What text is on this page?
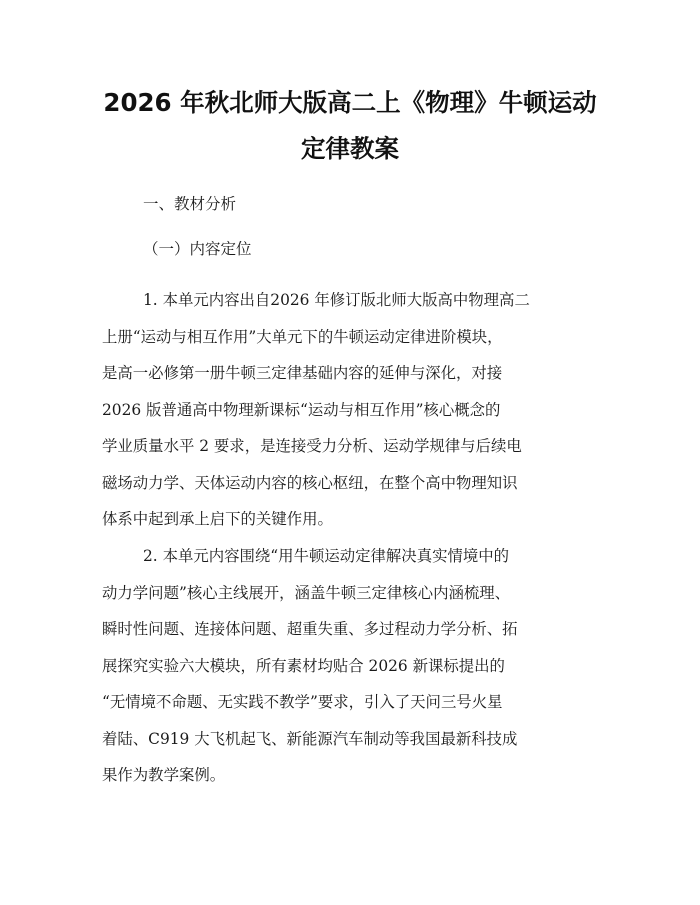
2026 年秋北师大版高二上《物理》牛顿运动
定律教案
一、教材分析
（一）内容定位
1. 本单元内容出自2026 年修订版北师大版高中物理高二
上册“运动与相互作用”大单元下的牛顿运动定律进阶模块，
是高一必修第一册牛顿三定律基础内容的延伸与深化，对接
2026 版普通高中物理新课标“运动与相互作用”核心概念的
学业质量水平 2 要求，是连接受力分析、运动学规律与后续电
磁场动力学、天体运动内容的核心枢纽，在整个高中物理知识
体系中起到承上启下的关键作用。
2. 本单元内容围绕“用牛顿运动定律解决真实情境中的
动力学问题”核心主线展开，涵盖牛顿三定律核心内涵梳理、
瞬时性问题、连接体问题、超重失重、多过程动力学分析、拓
展探究实验六大模块，所有素材均贴合 2026 新课标提出的
“无情境不命题、无实践不教学”要求，引入了天问三号火星
着陆、C919 大飞机起飞、新能源汽车制动等我国最新科技成
果作为教学案例。
